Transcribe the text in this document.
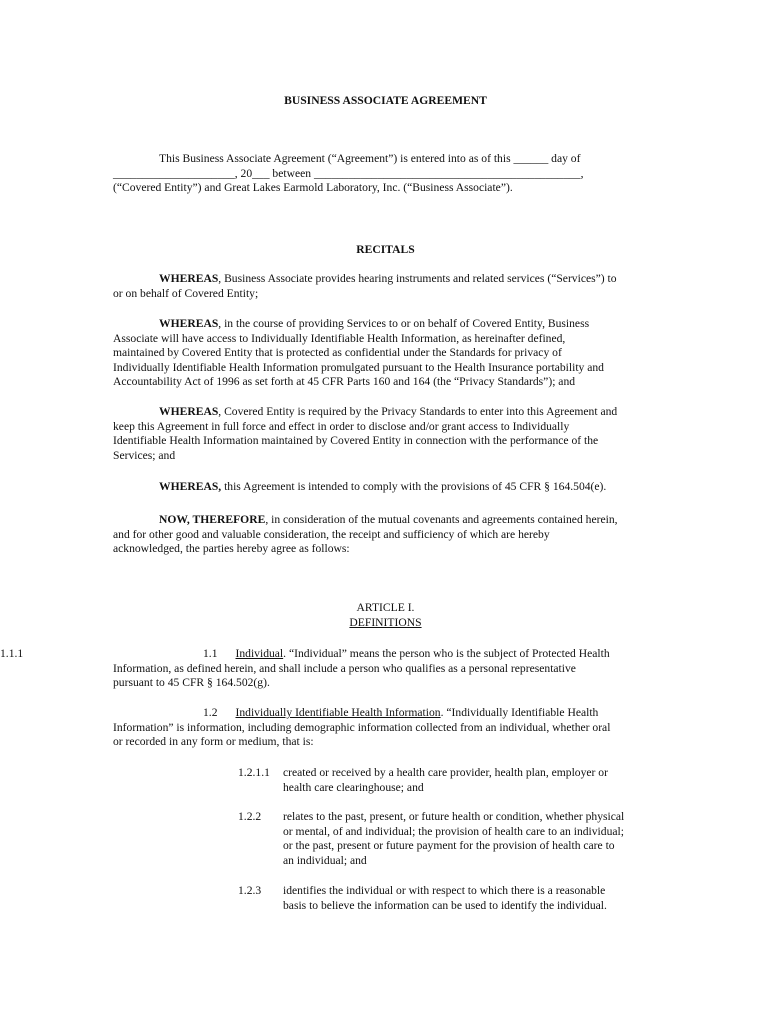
BUSINESS ASSOCIATE AGREEMENT
This Business Associate Agreement (“Agreement”) is entered into as of this ______ day of
_____________________, 20___ between ______________________________________________,
(“Covered Entity”) and Great Lakes Earmold Laboratory, Inc. (“Business Associate”).
RECITALS
WHEREAS, Business Associate provides hearing instruments and related services (“Services”) to
or on behalf of Covered Entity;
WHEREAS, in the course of providing Services to or on behalf of Covered Entity, Business
Associate will have access to Individually Identifiable Health Information, as hereinafter defined,
maintained by Covered Entity that is protected as confidential under the Standards for privacy of
Individually Identifiable Health Information promulgated pursuant to the Health Insurance portability and
Accountability Act of 1996 as set forth at 45 CFR Parts 160 and 164 (the “Privacy Standards”); and
WHEREAS, Covered Entity is required by the Privacy Standards to enter into this Agreement and
keep this Agreement in full force and effect in order to disclose and/or grant access to Individually
Identifiable Health Information maintained by Covered Entity in connection with the performance of the
Services; and
WHEREAS, this Agreement is intended to comply with the provisions of 45 CFR § 164.504(e).
NOW, THEREFORE, in consideration of the mutual covenants and agreements contained herein,
and for other good and valuable consideration, the receipt and sufficiency of which are hereby
acknowledged, the parties hereby agree as follows:
ARTICLE I.
DEFINITIONS
1.1.1	1.1 Individual. “Individual” means the person who is the subject of Protected Health
Information, as defined herein, and shall include a person who qualifies as a personal representative
pursuant to 45 CFR § 164.502(g).
1.2 Individually Identifiable Health Information. “Individually Identifiable Health
Information” is information, including demographic information collected from an individual, whether oral
or recorded in any form or medium, that is:
1.2.1.1 created or received by a health care provider, health plan, employer or
health care clearinghouse; and
1.2.2 relates to the past, present, or future health or condition, whether physical
or mental, of and individual; the provision of health care to an individual;
or the past, present or future payment for the provision of health care to
an individual; and
1.2.3 identifies the individual or with respect to which there is a reasonable
basis to believe the information can be used to identify the individual.
